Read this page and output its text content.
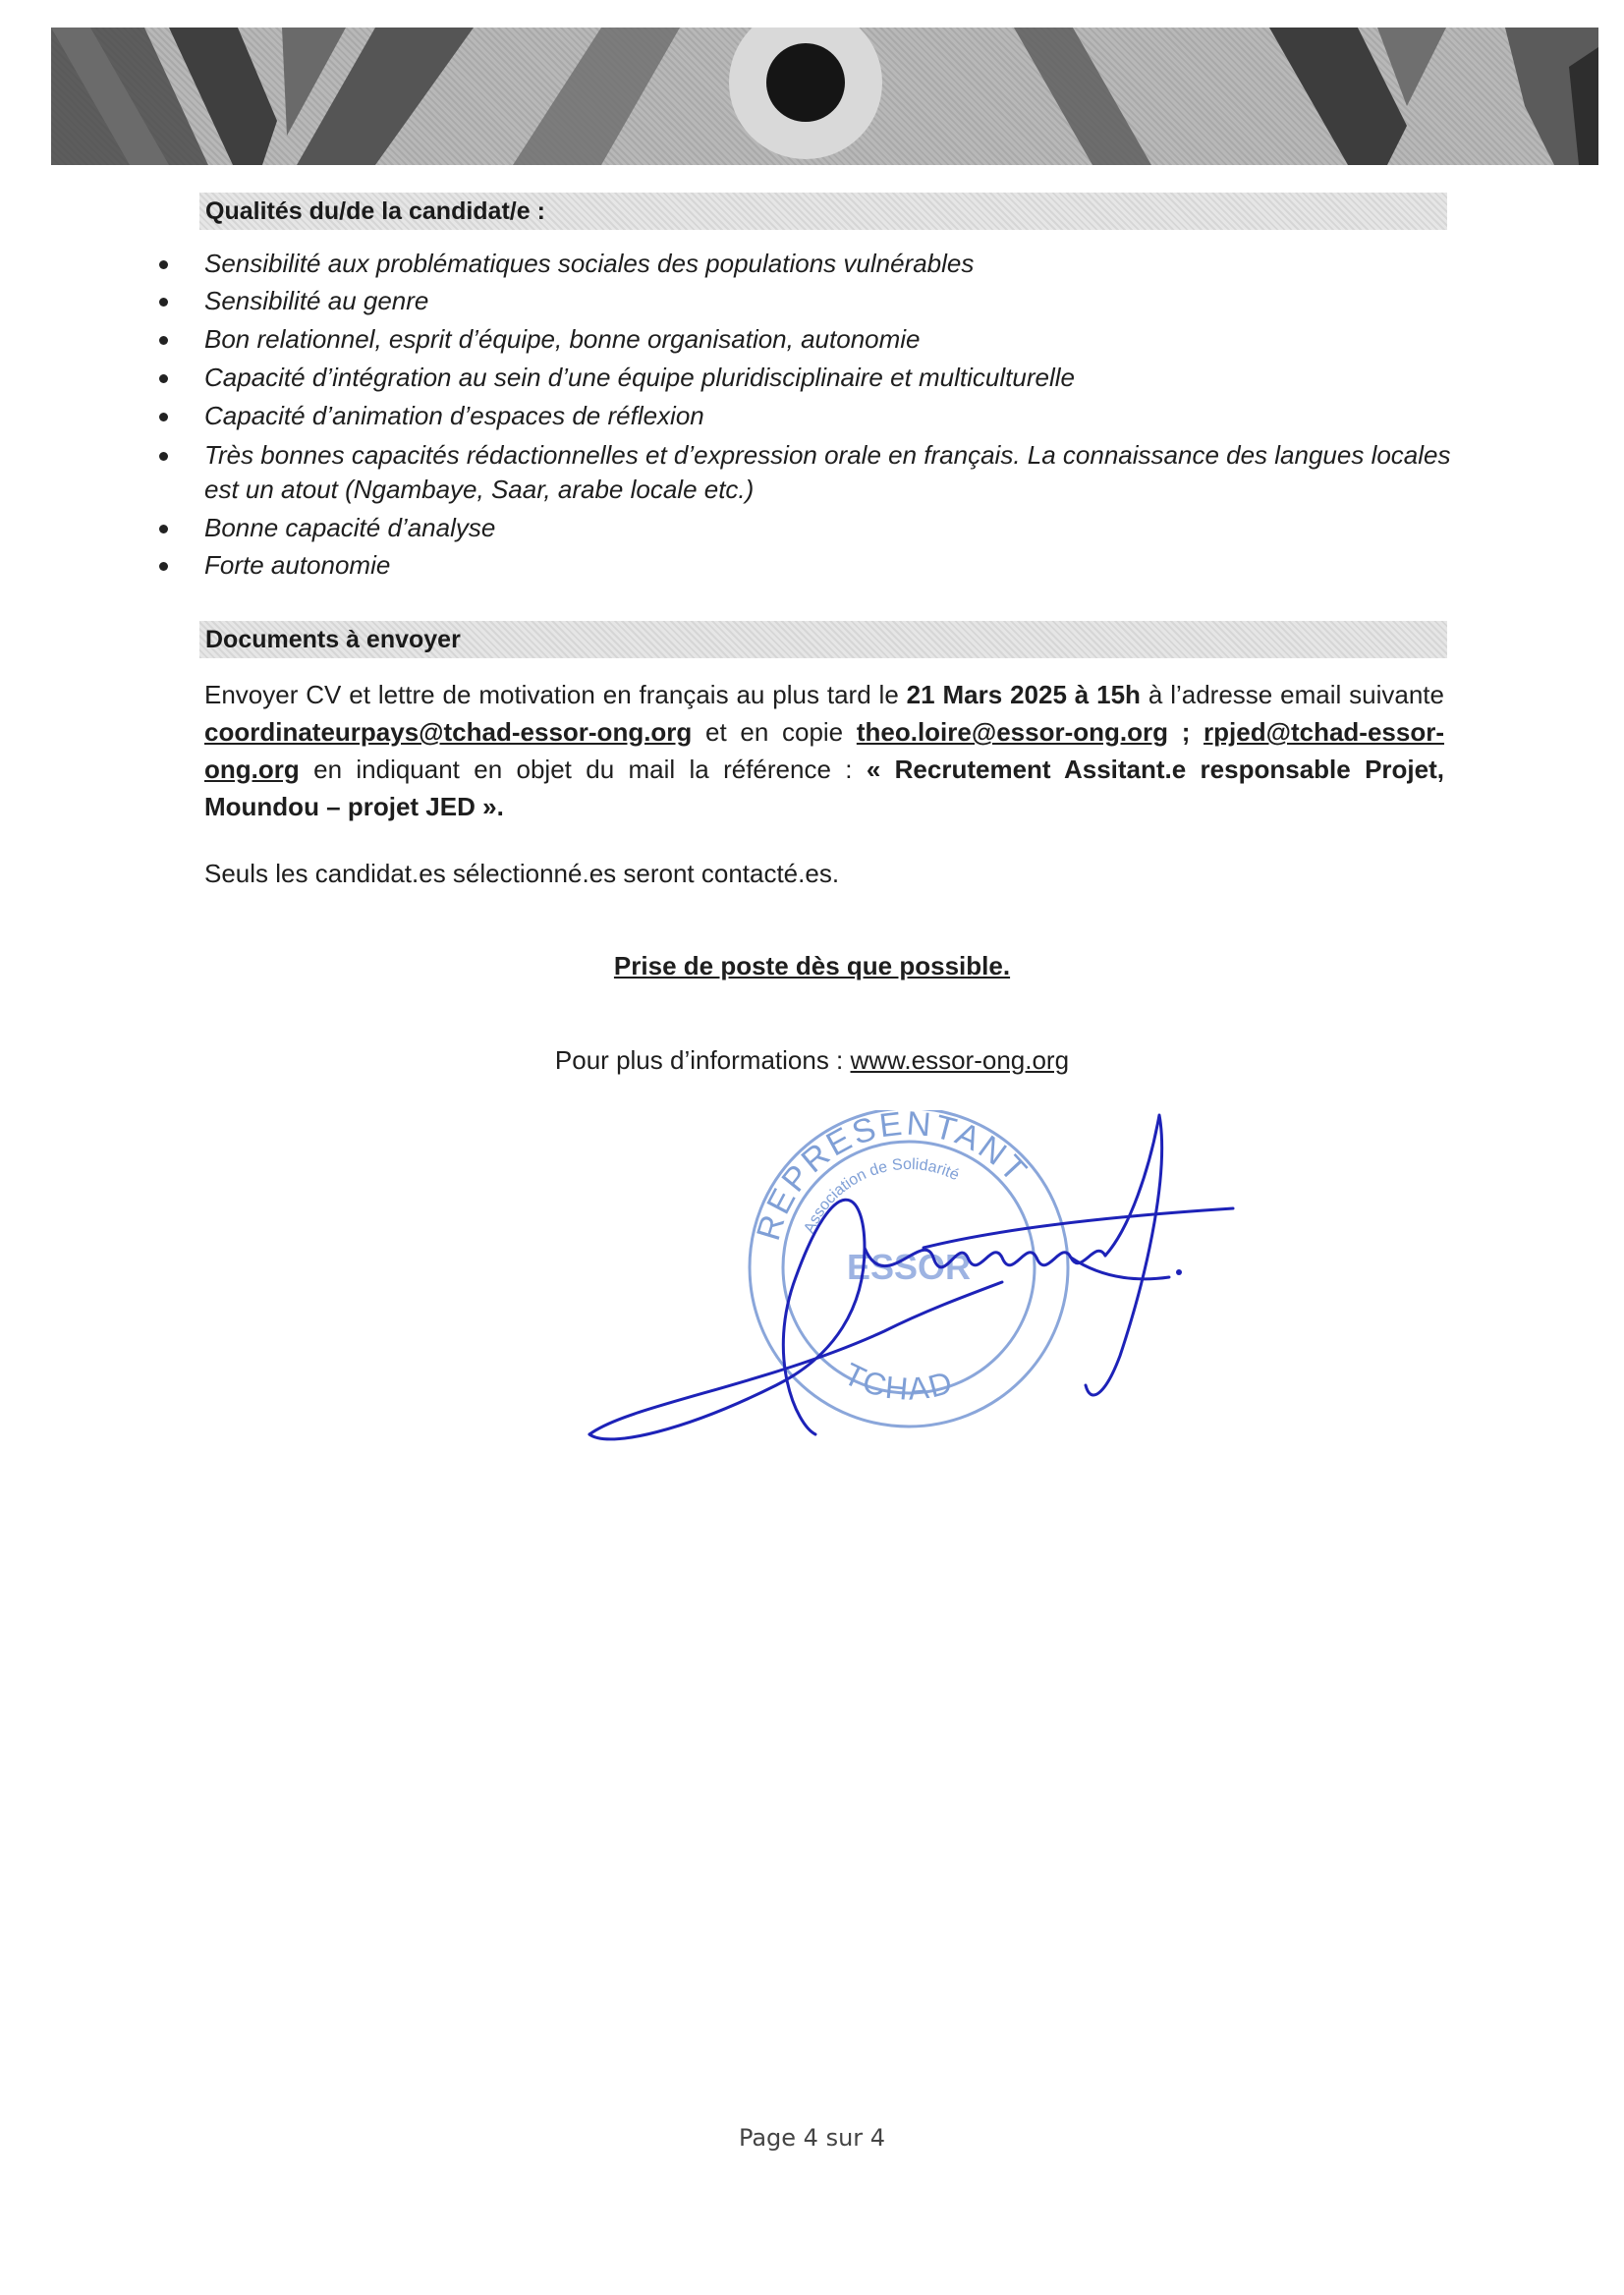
Qualités du/de la candidat/e :
Sensibilité aux problématiques sociales des populations vulnérables
Sensibilité au genre
Bon relationnel, esprit d’équipe, bonne organisation, autonomie
Capacité d’intégration au sein d’une équipe pluridisciplinaire et multiculturelle
Capacité d’animation d’espaces de réflexion
Très bonnes capacités rédactionnelles et d’expression orale en français. La connaissance des langues locales est un atout (Ngambaye, Saar, arabe locale etc.)
Bonne capacité d’analyse
Forte autonomie
Documents à envoyer
Envoyer CV et lettre de motivation en français au plus tard le 21 Mars 2025 à 15h à l’adresse email suivante coordinateurpays@tchad-essor-ong.org et en copie theo.loire@essor-ong.org ; rpjed@tchad-essor-ong.org en indiquant en objet du mail la référence : « Recrutement Assitant.e responsable Projet, Moundou – projet JED ».
Seuls les candidat.es sélectionné.es seront contacté.es.
Prise de poste dès que possible.
Pour plus d’informations : www.essor-ong.org
REPRESENTANT
Association de Solidarité
ESSOR
TCHAD
Page 4 sur 4
